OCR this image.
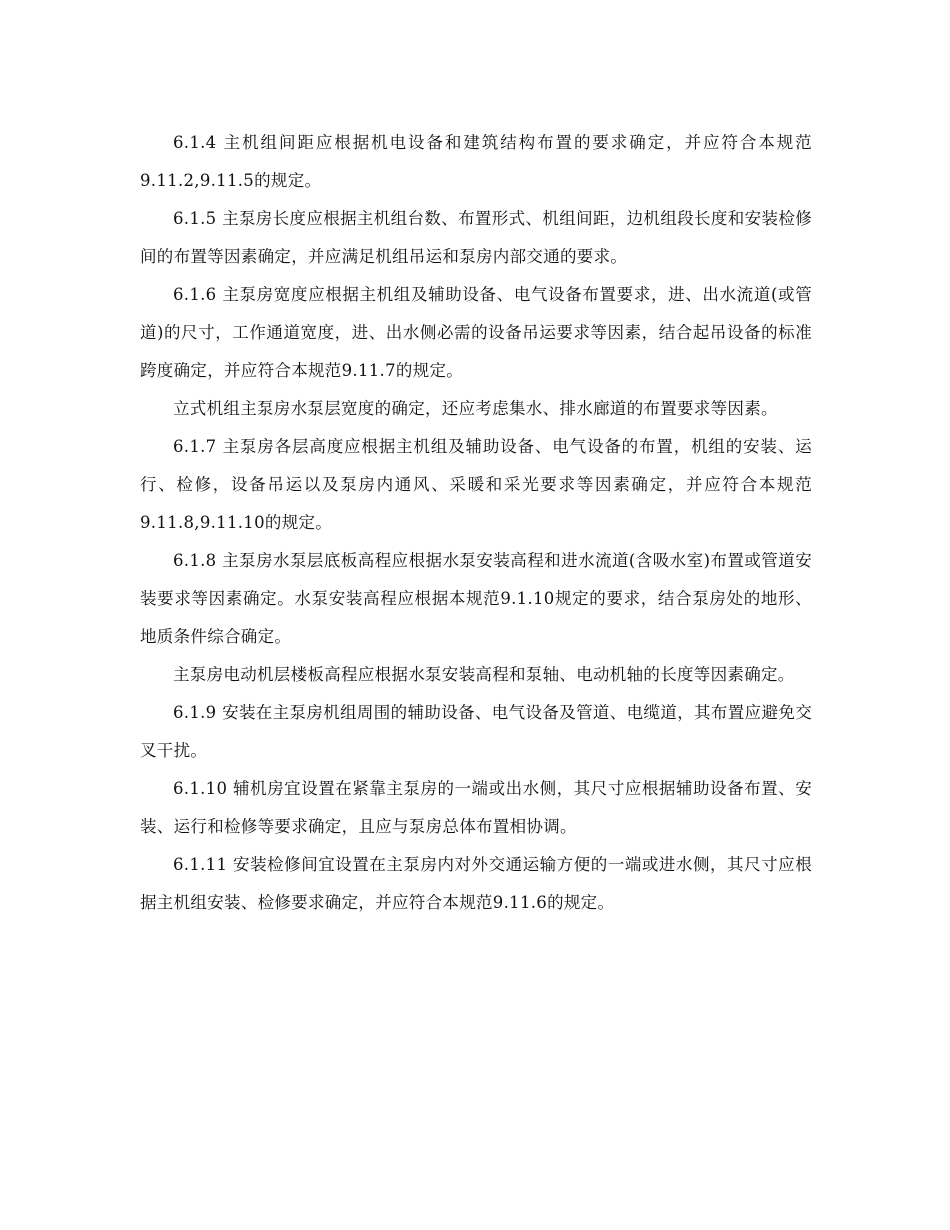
6.1.4 主机组间距应根据机电设备和建筑结构布置的要求确定，并应符合本规范9.11.2,9.11.5的规定。

6.1.5 主泵房长度应根据主机组台数、布置形式、机组间距，边机组段长度和安装检修间的布置等因素确定，并应满足机组吊运和泵房内部交通的要求。

6.1.6 主泵房宽度应根据主机组及辅助设备、电气设备布置要求，进、出水流道(或管道)的尺寸，工作通道宽度，进、出水侧必需的设备吊运要求等因素，结合起吊设备的标准跨度确定，并应符合本规范9.11.7的规定。

立式机组主泵房水泵层宽度的确定，还应考虑集水、排水廊道的布置要求等因素。

6.1.7 主泵房各层高度应根据主机组及辅助设备、电气设备的布置，机组的安装、运行、检修，设备吊运以及泵房内通风、采暖和采光要求等因素确定，并应符合本规范9.11.8,9.11.10的规定。

6.1.8 主泵房水泵层底板高程应根据水泵安装高程和进水流道(含吸水室)布置或管道安装要求等因素确定。水泵安装高程应根据本规范9.1.10规定的要求，结合泵房处的地形、地质条件综合确定。

主泵房电动机层楼板高程应根据水泵安装高程和泵轴、电动机轴的长度等因素确定。

6.1.9 安装在主泵房机组周围的辅助设备、电气设备及管道、电缆道，其布置应避免交叉干扰。

6.1.10 辅机房宜设置在紧靠主泵房的一端或出水侧，其尺寸应根据辅助设备布置、安装、运行和检修等要求确定，且应与泵房总体布置相协调。

6.1.11 安装检修间宜设置在主泵房内对外交通运输方便的一端或进水侧，其尺寸应根据主机组安装、检修要求确定，并应符合本规范9.11.6的规定。
